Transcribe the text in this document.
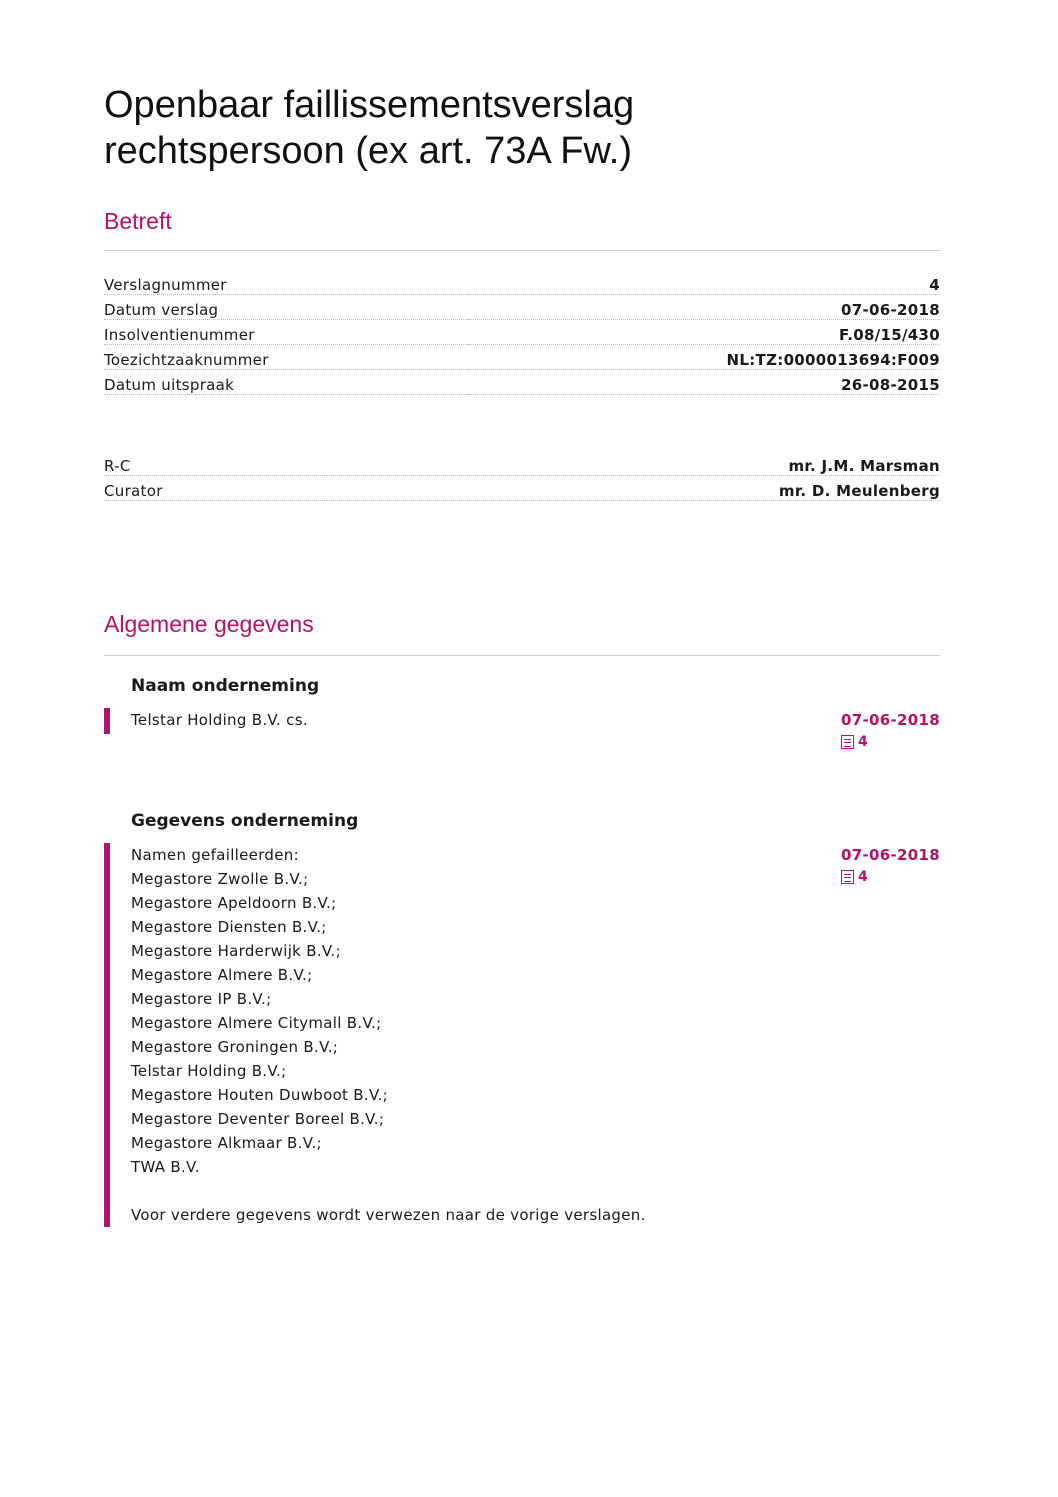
Openbaar faillissementsverslag
rechtspersoon (ex art. 73A Fw.)
Betreft
Verslagnummer	4
Datum verslag	07-06-2018
Insolventienummer	F.08/15/430
Toezichtzaaknummer	NL:TZ:0000013694:F009
Datum uitspraak	26-08-2015
R-C	mr. J.M. Marsman
Curator	mr. D. Meulenberg
Algemene gegevens
Naam onderneming
Telstar Holding B.V. cs.	07-06-2018
4
Gegevens onderneming
Namen gefailleerden:
Megastore Zwolle B.V.;
Megastore Apeldoorn B.V.;
Megastore Diensten B.V.;
Megastore Harderwijk B.V.;
Megastore Almere B.V.;
Megastore IP B.V.;
Megastore Almere Citymall B.V.;
Megastore Groningen B.V.;
Telstar Holding B.V.;
Megastore Houten Duwboot B.V.;
Megastore Deventer Boreel B.V.;
Megastore Alkmaar B.V.;
TWA B.V.
Voor verdere gegevens wordt verwezen naar de vorige verslagen.
07-06-2018
4
